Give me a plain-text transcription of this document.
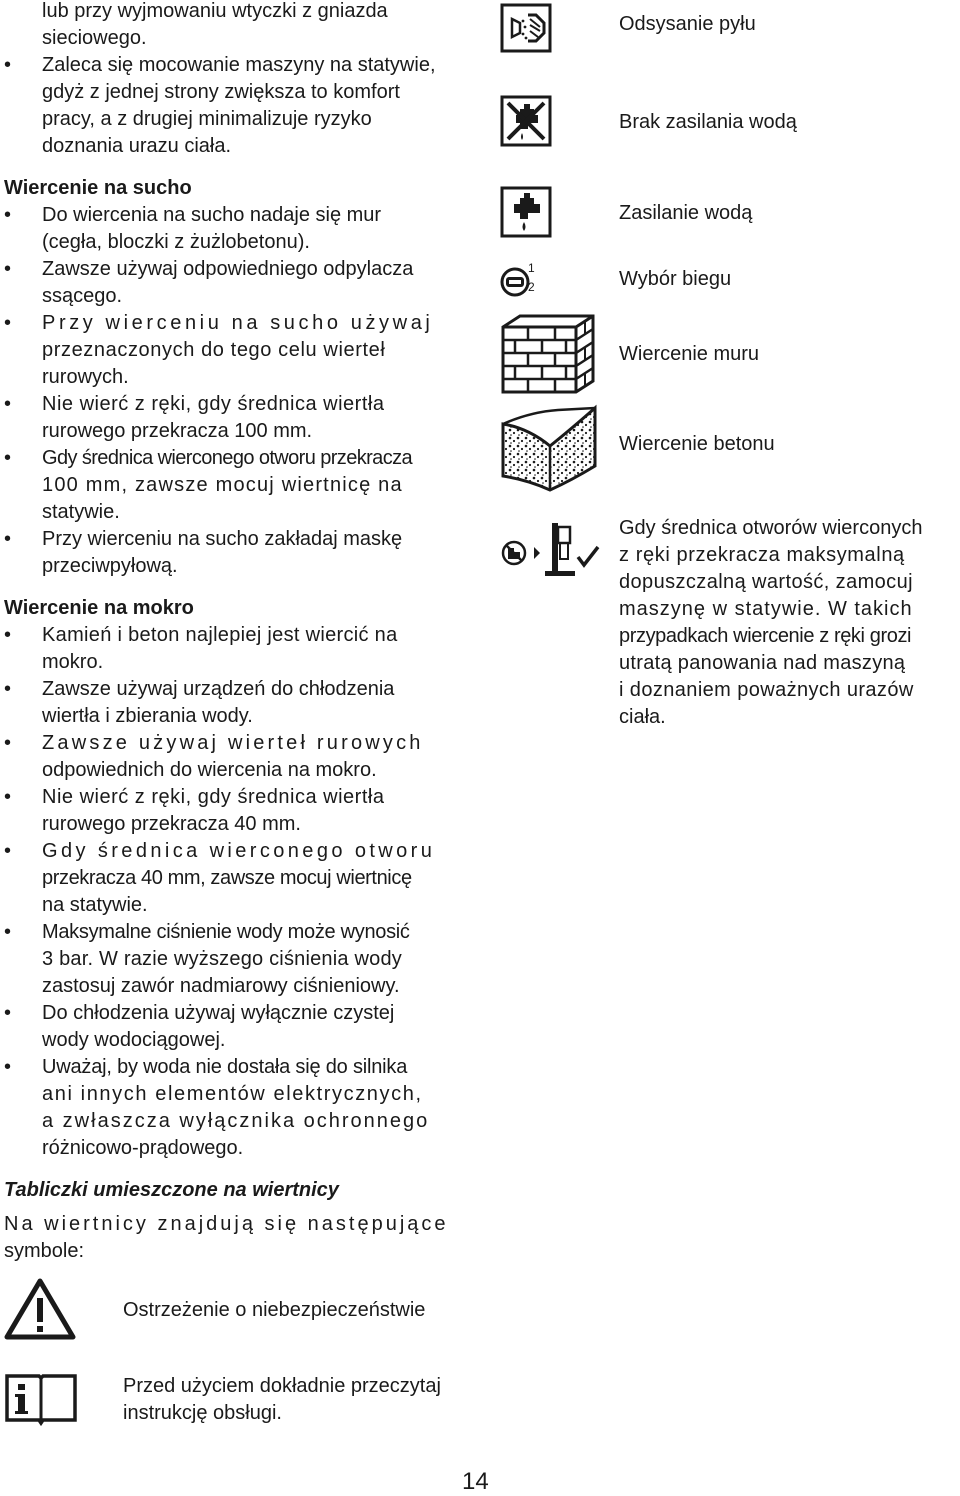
lub przy wyjmowaniu wtyczki z gniazda
sieciowego.
• Zaleca się mocowanie maszyny na statywie,
gdyż z jednej strony zwiększa to komfort
pracy, a z drugiej minimalizuje ryzyko
doznania urazu ciała.
Wiercenie na sucho
• Do wiercenia na sucho nadaje się mur
(cegła, bloczki z żużlobetonu).
• Zawsze używaj odpowiedniego odpylacza
ssącego.
• Przy wierceniu na sucho używaj
przeznaczonych do tego celu wierteł
rurowych.
• Nie wierć z ręki, gdy średnica wiertła
rurowego przekracza 100 mm.
• Gdy średnica wierconego otworu przekracza
100 mm, zawsze mocuj wiertnicę na
statywie.
• Przy wierceniu na sucho zakładaj maskę
przeciwpyłową.
Wiercenie na mokro
• Kamień i beton najlepiej jest wiercić na
mokro.
• Zawsze używaj urządzeń do chłodzenia
wiertła i zbierania wody.
• Zawsze używaj wierteł rurowych
odpowiednich do wiercenia na mokro.
• Nie wierć z ręki, gdy średnica wiertła
rurowego przekracza 40 mm.
• Gdy średnica wierconego otworu
przekracza 40 mm, zawsze mocuj wiertnicę
na statywie.
• Maksymalne ciśnienie wody może wynosić
3 bar. W razie wyższego ciśnienia wody
zastosuj zawór nadmiarowy ciśnieniowy.
• Do chłodzenia używaj wyłącznie czystej
wody wodociągowej.
• Uważaj, by woda nie dostała się do silnika
ani innych elementów elektrycznych,
a zwłaszcza wyłącznika ochronnego
różnicowo-prądowego.
Tabliczki umieszczone na wiertnicy
Na wiertnicy znajdują się następujące
symbole:
Ostrzeżenie o niebezpieczeństwie
Przed użyciem dokładnie przeczytaj
instrukcję obsługi.
Odsysanie pyłu
Brak zasilania wodą
Zasilanie wodą
1
2	Wybór biegu
Wiercenie muru
Wiercenie betonu
Gdy średnica otworów wierconych
z ręki przekracza maksymalną
dopuszczalną wartość, zamocuj
maszynę w statywie. W takich
przypadkach wiercenie z ręki grozi
utratą panowania nad maszyną
i doznaniem poważnych urazów
ciała.
14
